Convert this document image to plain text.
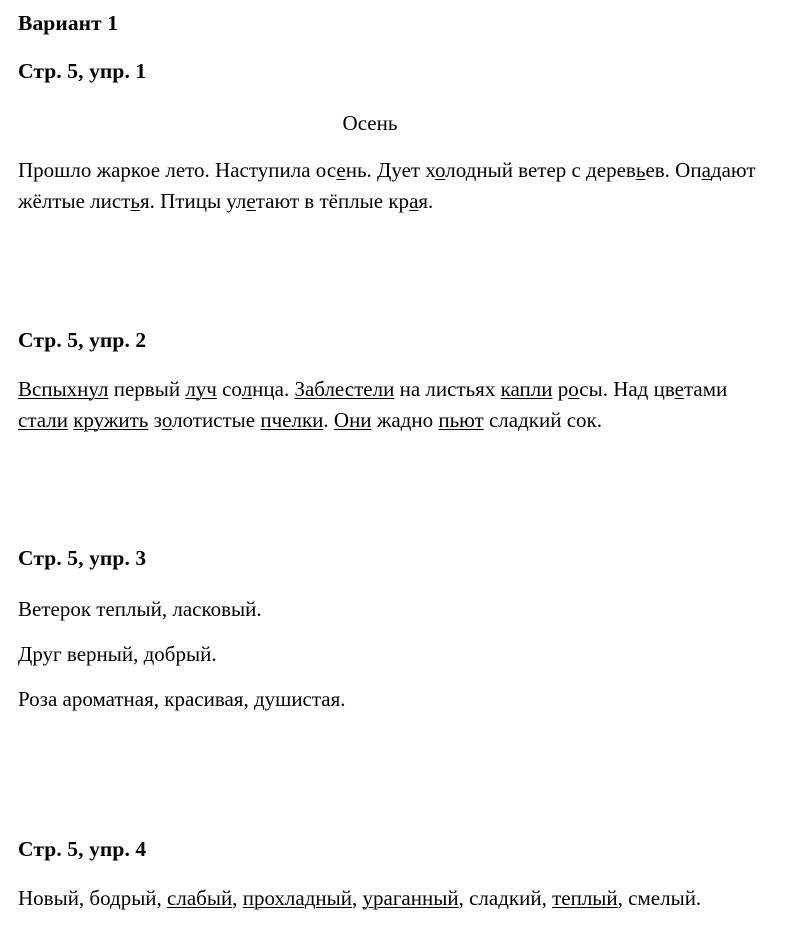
Вариант 1
Стр. 5, упр. 1
Осень
Прошло жаркое лето. Наступила осень. Дует холодный ветер с деревьев. Опадают жёлтые листья. Птицы улетают в тёплые края.
Стр. 5, упр. 2
Вспыхнул первый луч солнца. Заблестели на листьях капли росы. Над цветами стали кружить золотистые пчелки. Они жадно пьют сладкий сок.
Стр. 5, упр. 3
Ветерок теплый, ласковый.
Друг верный, добрый.
Роза ароматная, красивая, душистая.
Стр. 5, упр. 4
Новый, бодрый, слабый, прохладный, ураганный, сладкий, теплый, смелый.
